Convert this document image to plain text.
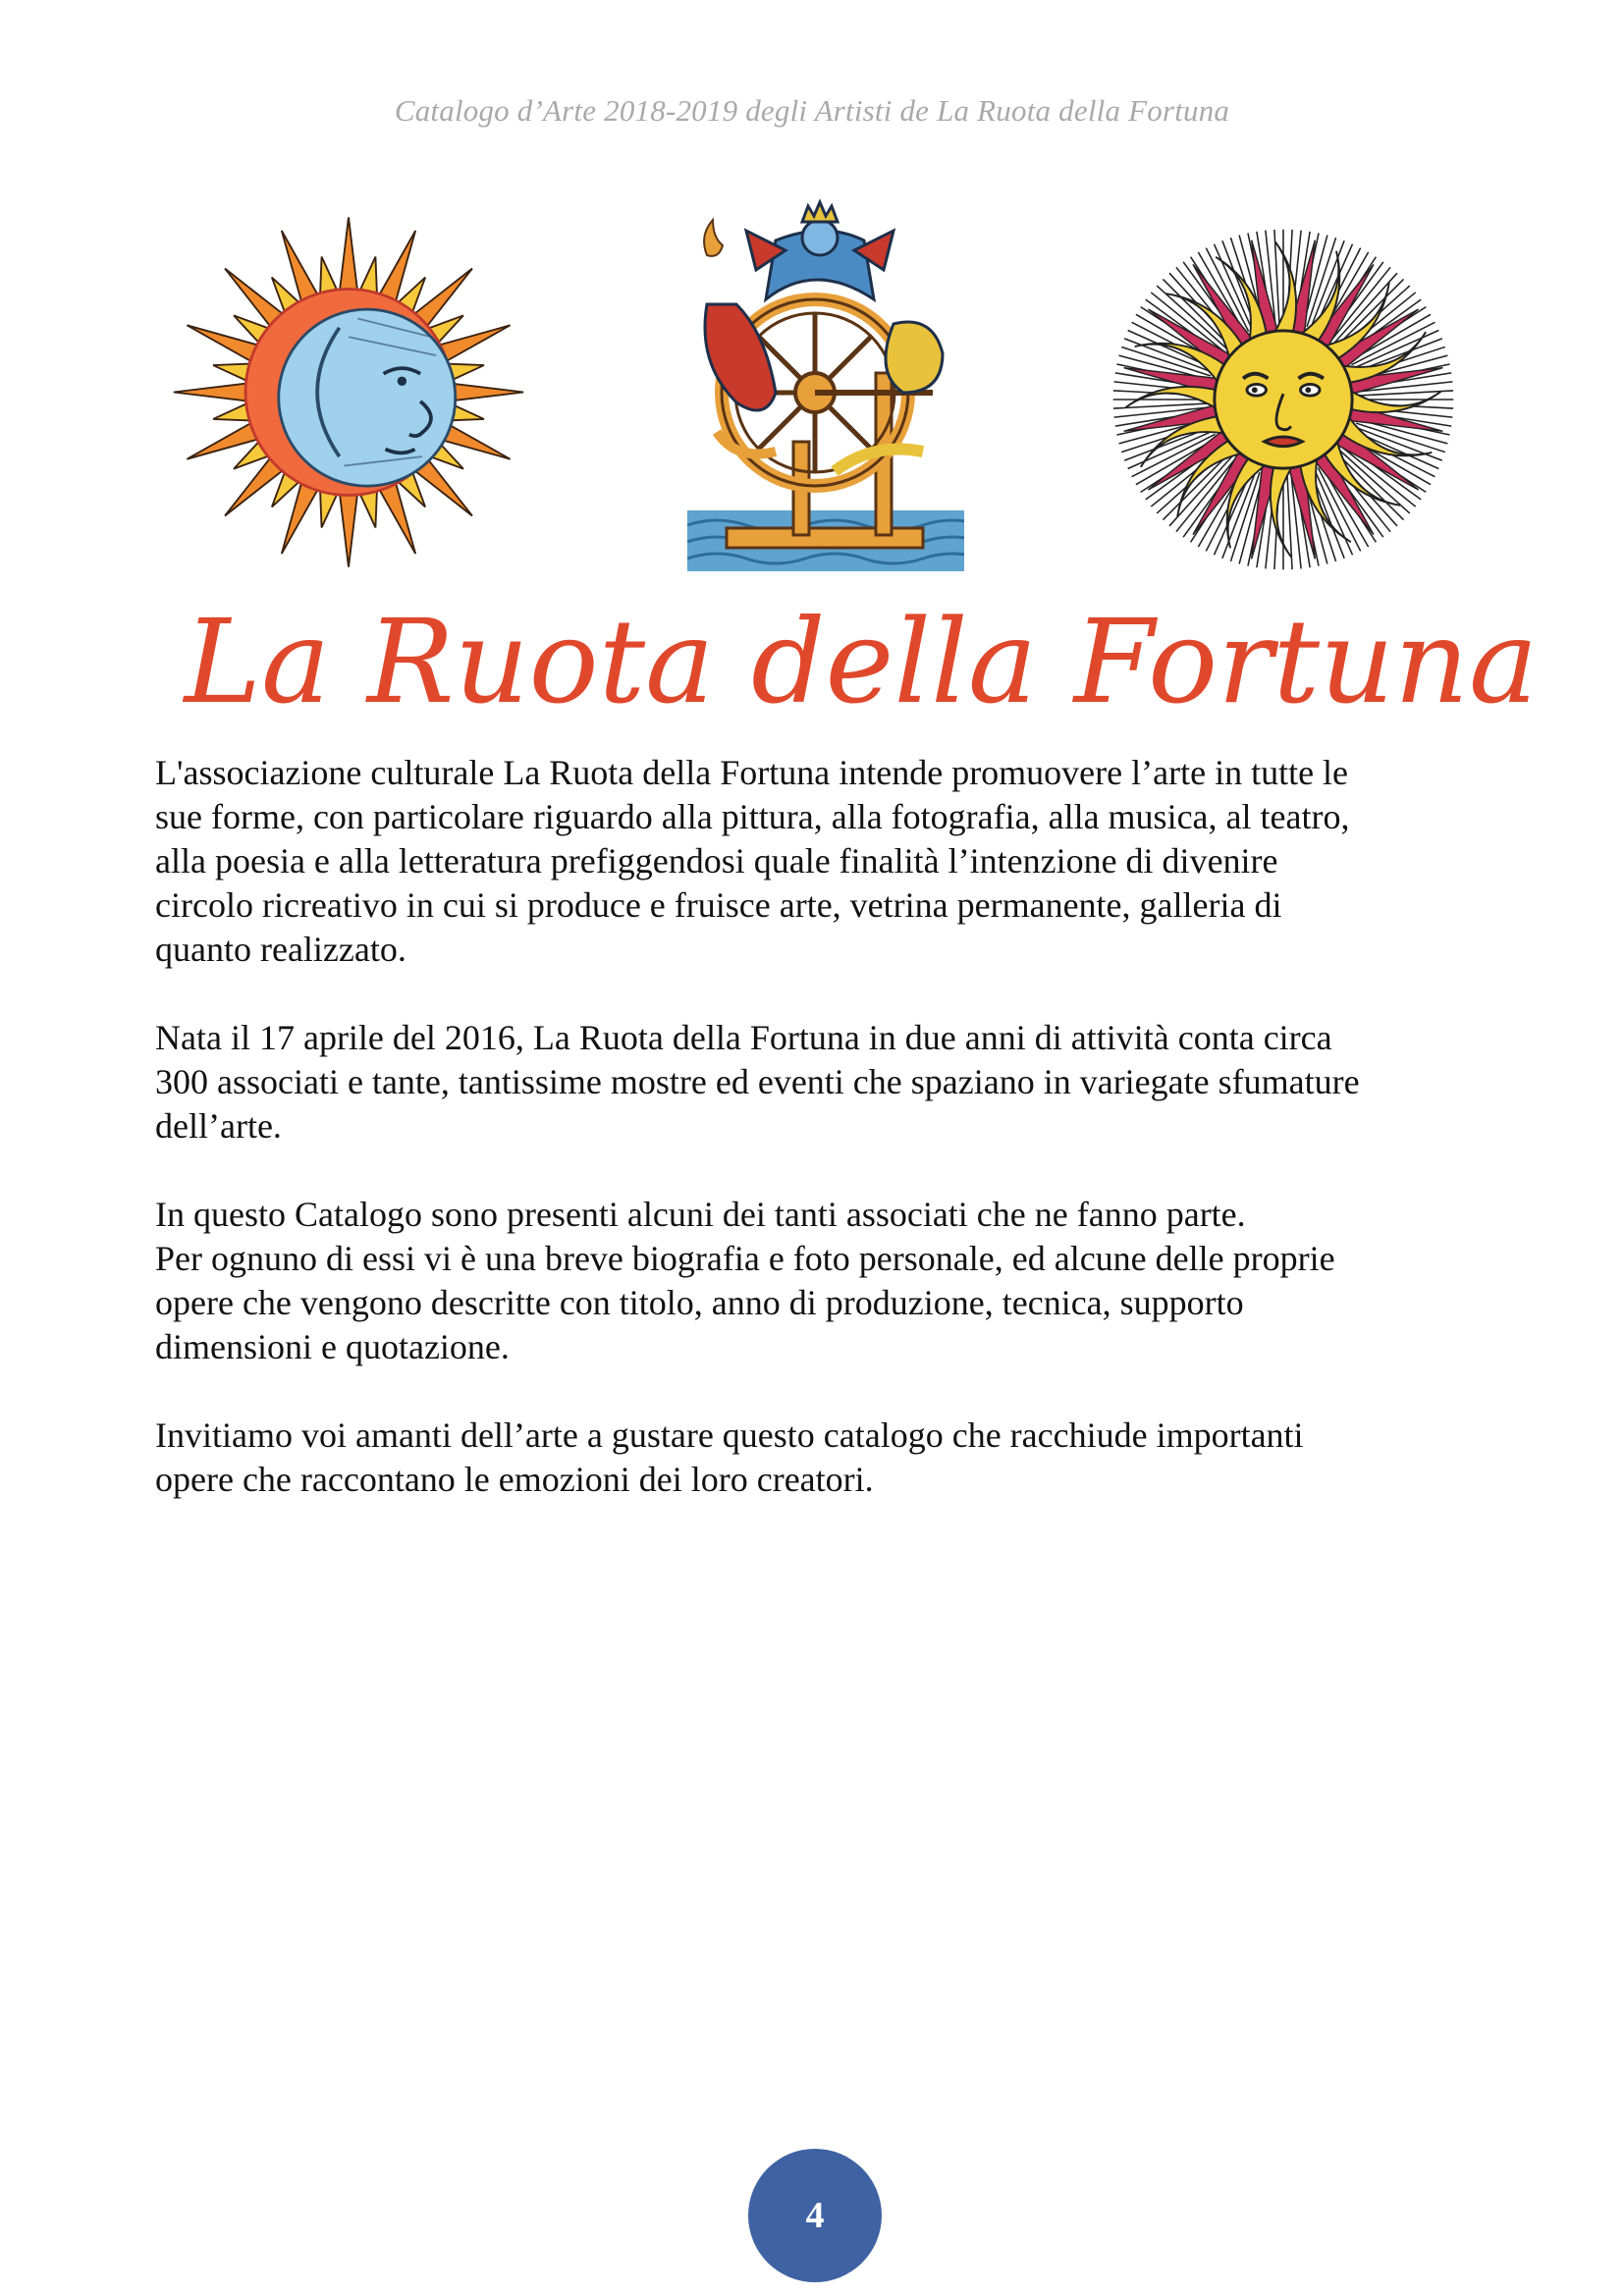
Catalogo d’Arte 2018-2019 degli Artisti de La Ruota della Fortuna
La Ruota della Fortuna

L'associazione culturale La Ruota della Fortuna intende promuovere l’arte in tutte le
sue forme, con particolare riguardo alla pittura, alla fotografia, alla musica, al teatro,
alla poesia e alla letteratura prefiggendosi quale finalità l’intenzione di divenire
circolo ricreativo in cui si produce e fruisce arte, vetrina permanente, galleria di
quanto realizzato.

Nata il 17 aprile del 2016, La Ruota della Fortuna in due anni di attività conta circa
300 associati e tante, tantissime mostre ed eventi che spaziano in variegate sfumature
dell’arte.

In questo Catalogo sono presenti alcuni dei tanti associati che ne fanno parte.
Per ognuno di essi vi è una breve biografia e foto personale, ed alcune delle proprie
opere che vengono descritte con titolo, anno di produzione, tecnica, supporto
dimensioni e quotazione.

Invitiamo voi amanti dell’arte a gustare questo catalogo che racchiude importanti
opere che raccontano le emozioni dei loro creatori.

4
